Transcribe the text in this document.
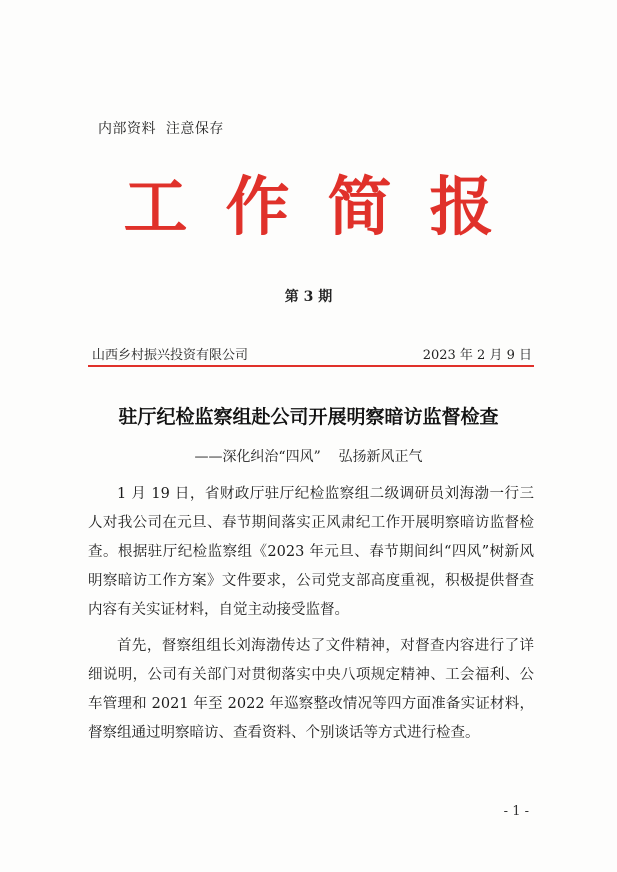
内部资料  注意保存
工作简报
第 3 期
山西乡村振兴投资有限公司	2023 年 2 月 9 日
驻厅纪检监察组赴公司开展明察暗访监督检查
——深化纠治“四风”    弘扬新风正气

1 月 19 日，省财政厅驻厅纪检监察组二级调研员刘海渤一行三人对我公司在元旦、春节期间落实正风肃纪工作开展明察暗访监督检查。根据驻厅纪检监察组《2023 年元旦、春节期间纠“四风”树新风明察暗访工作方案》文件要求，公司党支部高度重视，积极提供督查内容有关实证材料，自觉主动接受监督。

首先，督察组组长刘海渤传达了文件精神，对督查内容进行了详细说明，公司有关部门对贯彻落实中央八项规定精神、工会福利、公车管理和 2021 年至 2022 年巡察整改情况等四方面准备实证材料，督察组通过明察暗访、查看资料、个别谈话等方式进行检查。

- 1 -
